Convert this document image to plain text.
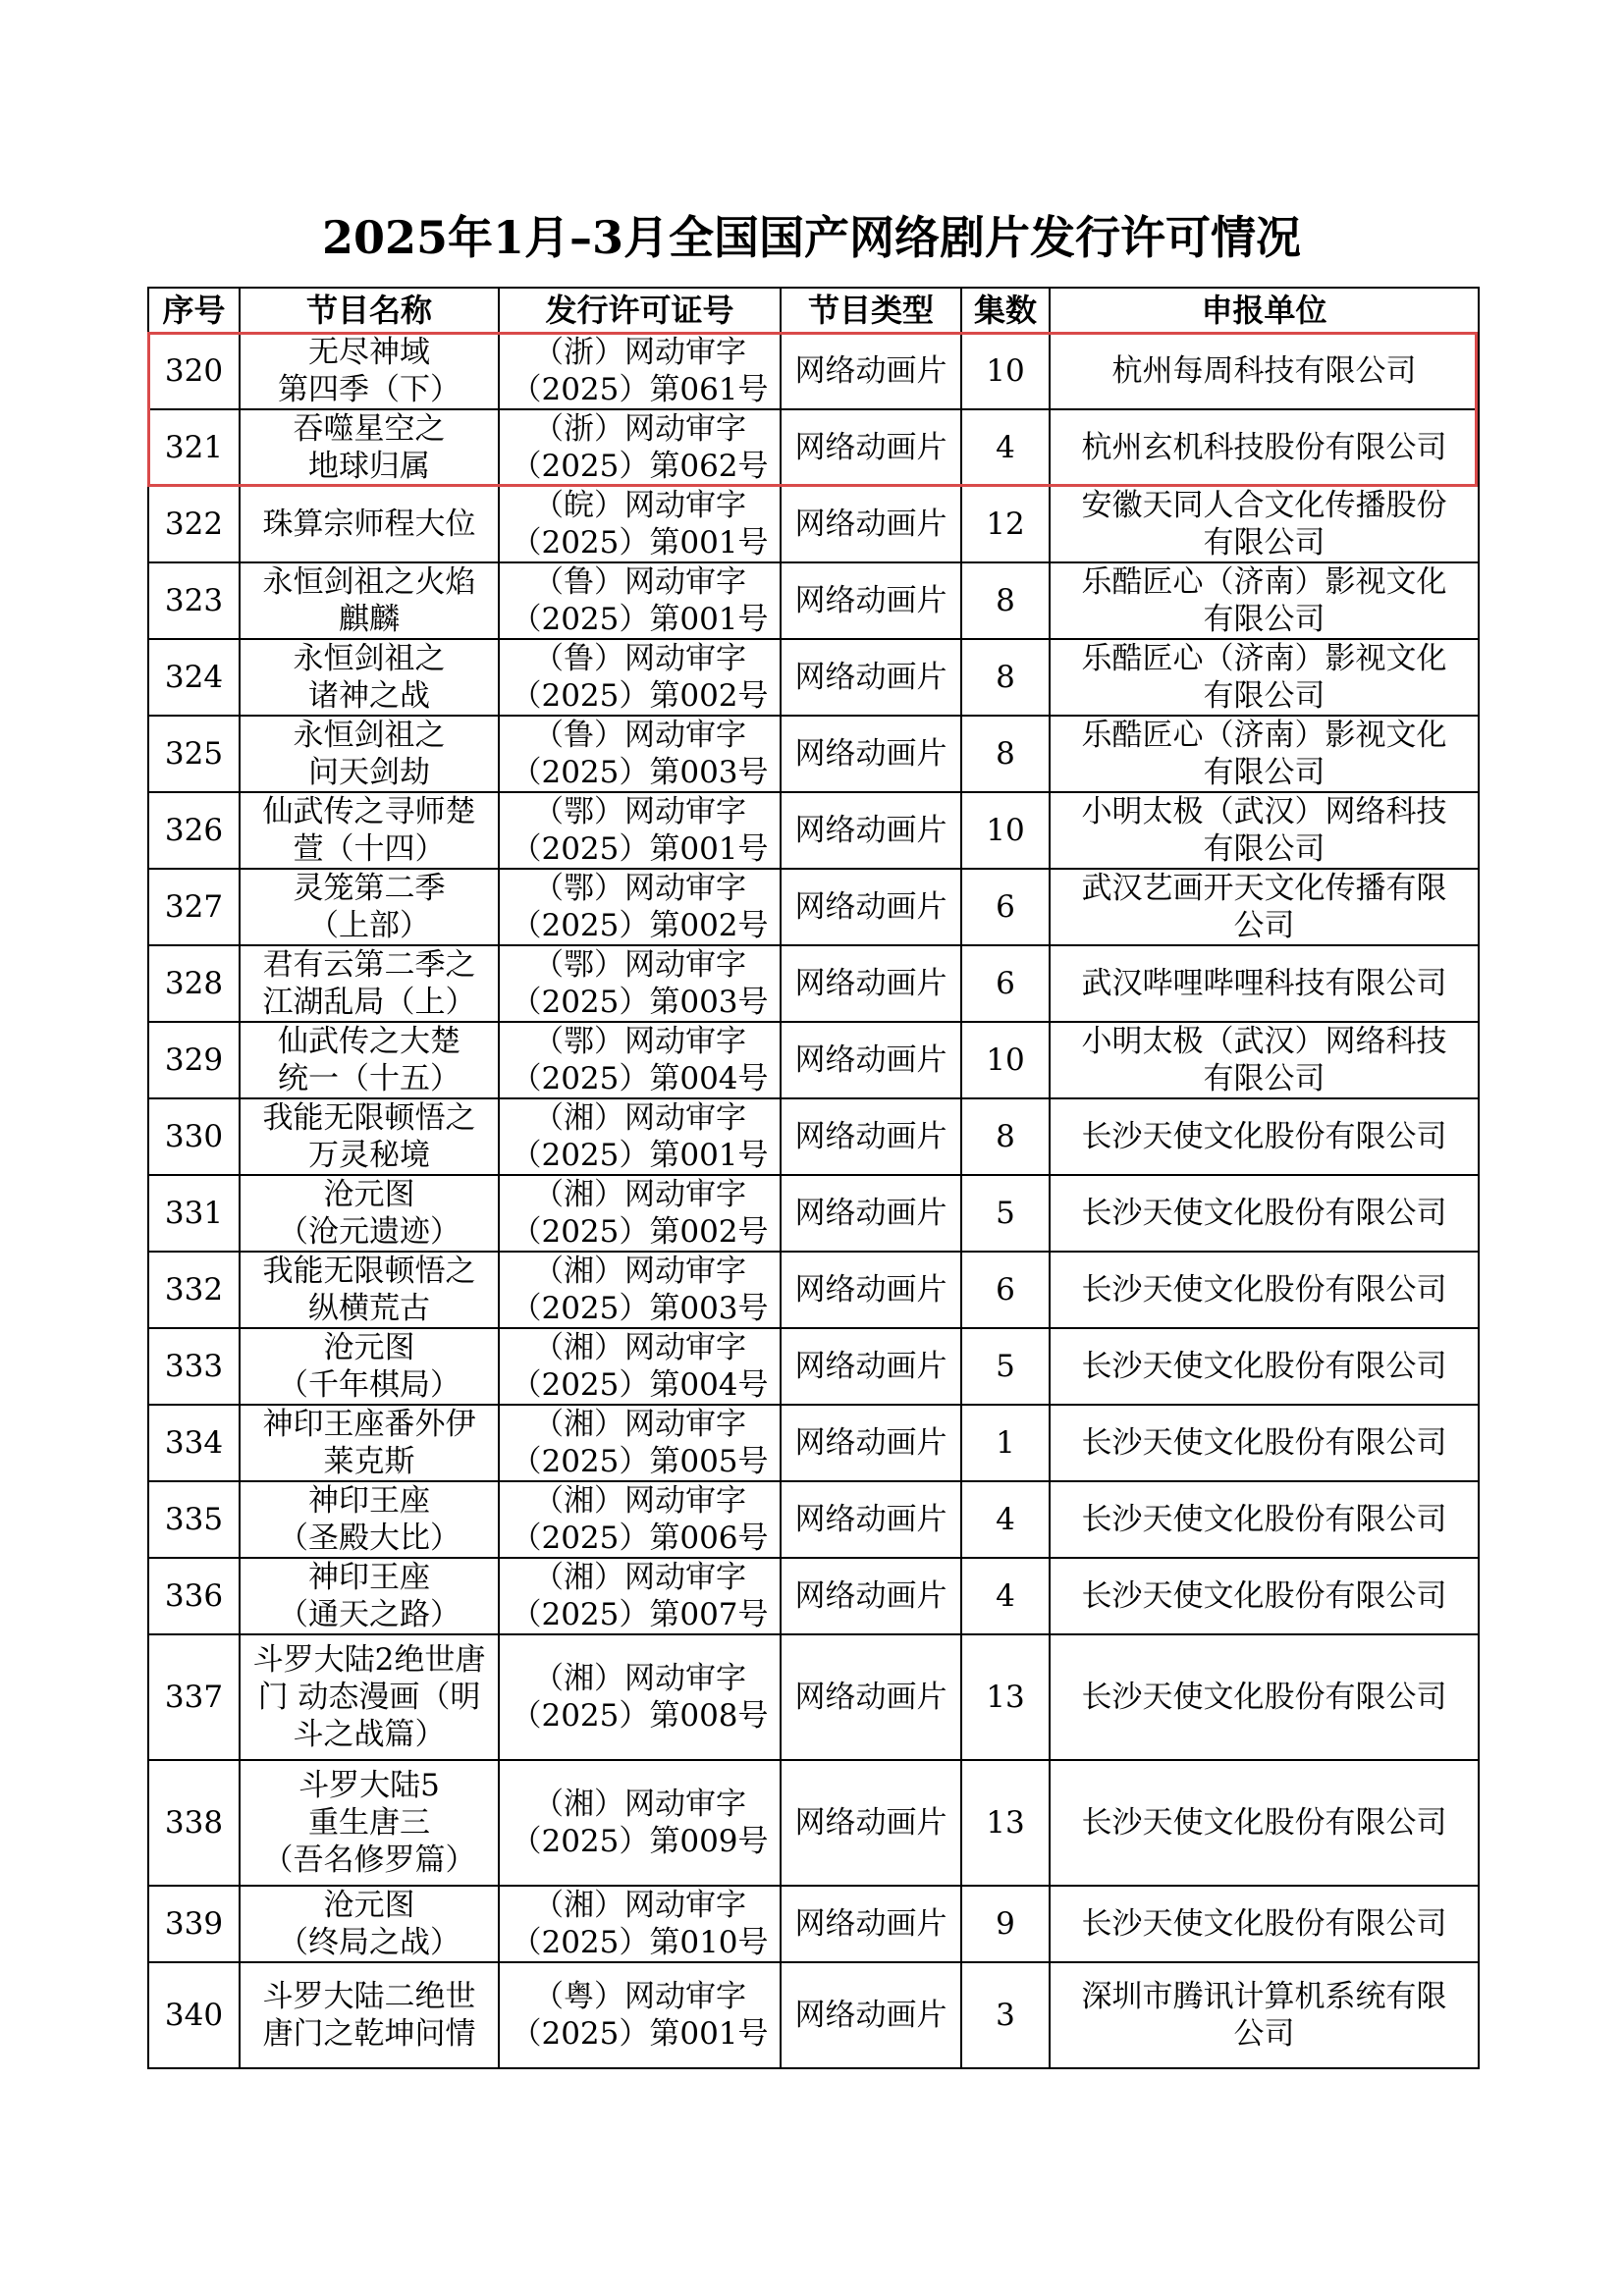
2025年1月–3月全国国产网络剧片发行许可情况
序号	节目名称	发行许可证号	节目类型	集数	申报单位
320	无尽神域
第四季（下）	（浙）网动审字
（2025）第061号	网络动画片	10	杭州每周科技有限公司

321	吞噬星空之
地球归属	（浙）网动审字
（2025）第062号	网络动画片	4	杭州玄机科技股份有限公司

322	珠算宗师程大位	（皖）网动审字
（2025）第001号	网络动画片	12	安徽天同人合文化传播股份
有限公司

323	永恒剑祖之火焰
麒麟	（鲁）网动审字
（2025）第001号	网络动画片	8	乐酷匠心（济南）影视文化
有限公司

324	永恒剑祖之
诸神之战	（鲁）网动审字
（2025）第002号	网络动画片	8	乐酷匠心（济南）影视文化
有限公司

325	永恒剑祖之
问天剑劫	（鲁）网动审字
（2025）第003号	网络动画片	8	乐酷匠心（济南）影视文化
有限公司

326	仙武传之寻师楚
萱（十四）	（鄂）网动审字
（2025）第001号	网络动画片	10	小明太极（武汉）网络科技
有限公司

327	灵笼第二季
（上部）	（鄂）网动审字
（2025）第002号	网络动画片	6	武汉艺画开天文化传播有限
公司

328	君有云第二季之
江湖乱局（上）	（鄂）网动审字
（2025）第003号	网络动画片	6	武汉哔哩哔哩科技有限公司

329	仙武传之大楚
统一（十五）	（鄂）网动审字
（2025）第004号	网络动画片	10	小明太极（武汉）网络科技
有限公司

330	我能无限顿悟之
万灵秘境	（湘）网动审字
（2025）第001号	网络动画片	8	长沙天使文化股份有限公司

331	沧元图
（沧元遗迹）	（湘）网动审字
（2025）第002号	网络动画片	5	长沙天使文化股份有限公司

332	我能无限顿悟之
纵横荒古	（湘）网动审字
（2025）第003号	网络动画片	6	长沙天使文化股份有限公司

333	沧元图
（千年棋局）	（湘）网动审字
（2025）第004号	网络动画片	5	长沙天使文化股份有限公司

334	神印王座番外伊
莱克斯	（湘）网动审字
（2025）第005号	网络动画片	1	长沙天使文化股份有限公司

335	神印王座
（圣殿大比）	（湘）网动审字
（2025）第006号	网络动画片	4	长沙天使文化股份有限公司

336	神印王座
（通天之路）	（湘）网动审字
（2025）第007号	网络动画片	4	长沙天使文化股份有限公司

337	斗罗大陆2绝世唐
门 动态漫画（明
斗之战篇）	（湘）网动审字
（2025）第008号	网络动画片	13	长沙天使文化股份有限公司

338	斗罗大陆5
重生唐三
（吾名修罗篇）	（湘）网动审字
（2025）第009号	网络动画片	13	长沙天使文化股份有限公司

339	沧元图
（终局之战）	（湘）网动审字
（2025）第010号	网络动画片	9	长沙天使文化股份有限公司

340	斗罗大陆二绝世
唐门之乾坤问情	（粤）网动审字
（2025）第001号	网络动画片	3	深圳市腾讯计算机系统有限
公司
